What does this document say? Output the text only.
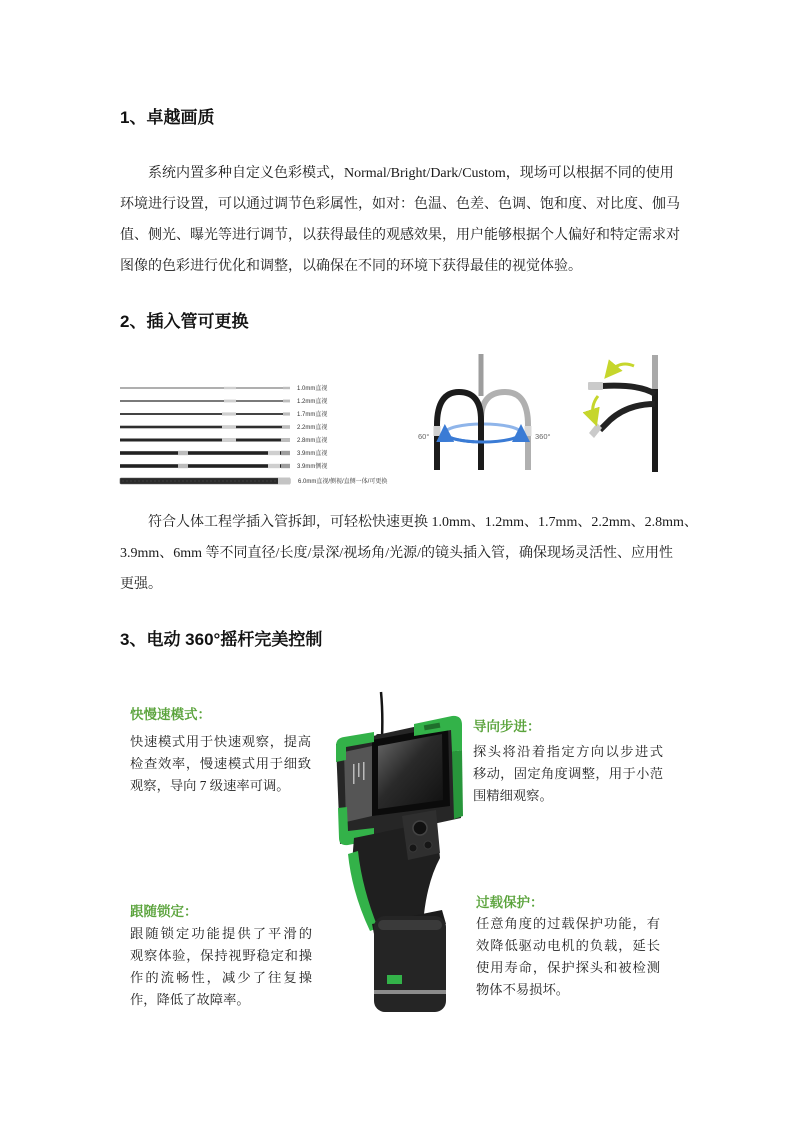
1、卓越画质
系统内置多种自定义色彩模式，Normal/Bright/Dark/Custom，现场可以根据不同的使用
环境进行设置，可以通过调节色彩属性，如对：色温、色差、色调、饱和度、对比度、伽马
值、侧光、曝光等进行调节，以获得最佳的观感效果，用户能够根据个人偏好和特定需求对
图像的色彩进行优化和调整，以确保在不同的环境下获得最佳的视觉体验。
2、插入管可更换
1.0mm直视
1.2mm直视
1.7mm直视
2.2mm直视
2.8mm直视
3.9mm直视
3.9mm侧视
6.0mm直视/侧视/直侧一体/可更换
60°	360°
符合人体工程学插入管拆卸，可轻松快速更换 1.0mm、1.2mm、1.7mm、2.2mm、2.8mm、
3.9mm、6mm 等不同直径/长度/景深/视场角/光源/的镜头插入管，确保现场灵活性、应用性
更强。
3、电动 360°摇杆完美控制
快慢速模式：
快速模式用于快速观察，提高
检查效率，慢速模式用于细致
观察，导向 7 级速率可调。
导向步进：
探头将沿着指定方向以步进式
移动，固定角度调整，用于小范
围精细观察。
跟随锁定：
跟随锁定功能提供了平滑的
观察体验，保持视野稳定和操
作的流畅性，减少了往复操
作，降低了故障率。
过载保护：
任意角度的过载保护功能，有
效降低驱动电机的负载，延长
使用寿命，保护探头和被检测
物体不易损坏。
